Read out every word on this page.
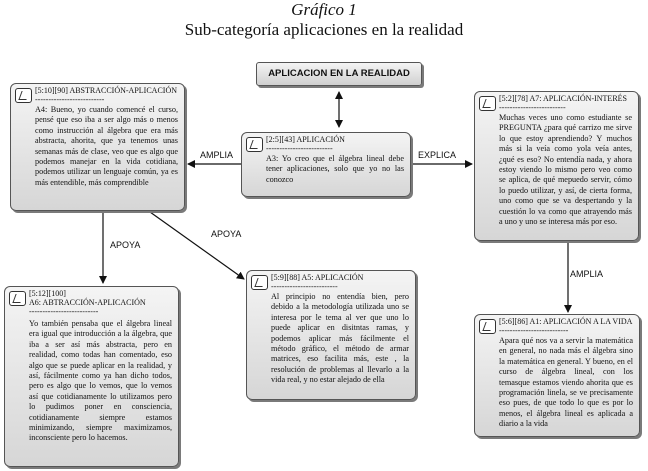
Gráfico 1
Sub-categoría aplicaciones en la realidad
APLICACION EN LA REALIDAD
[2:5][43] APLICACIÓN
-------------------------
A3: Yo creo que el álgebra lineal debe tener aplicaciones, solo que yo no las conozco
[5:10][90] ABSTRACCIÓN-APLICACIÓN
--------------------------
A4: Bueno, yo cuando comencé el curso, pensé que eso iba a ser algo más o menos como instrucción al álgebra que era más abstracta, ahorita, que ya tenemos unas semanas más de clase, veo que es algo que podemos manejar en la vida cotidiana, podemos utilizar un lenguaje común, ya es más entendible, más comprendible
[5:2][78] A7: APLICACIÓN-INTERÉS
-------------------------
Muchas veces uno como estudiante se PREGUNTA ¿para qué carrizo me sirve lo que estoy aprendiendo? Y muchos más si la veía como yola veía antes, ¿qué es eso? No entendía nada, y ahora estoy viendo lo mismo pero veo como se aplica, de qué mepuedo servir, cómo lo puedo utilizar, y así, de cierta forma, uno como que se va despertando y la cuestión lo va como que atrayendo más a uno y uno se interesa más por eso.
[5:12][100]
A6: ABTRACCIÓN-APLICACIÓN
--------------------------
Yo también pensaba que el álgebra lineal era igual que introducción a la álgebra, que iba a ser así más abstracta, pero en realidad, como todas han comentado, eso algo que se puede aplicar en la realidad, y así, fácilmente como ya han dicho todos, pero es algo que lo vemos, que lo vemos así que cotidianamente lo utilizamos pero lo pudimos poner en consciencia, cotidianamente siempre estamos minimizando, siempre maximizamos, inconsciente pero lo hacemos.
[5:9][88] A5: APLICACIÓN
-------------------------
Al principio no entendía bien, pero debido a la metodología utilizada uno se interesa por le tema al ver que uno lo puede aplicar en disitntas ramas, y podemos aplicar más fácilmente el método gráfico, el método de armar matrices, eso facilita más, este , la resolución de problemas al llevarlo a la vida real, y no estar alejado de ella
[5:6][86] A1: APLICACIÓN A LA VIDA
--------------------------
Apara qué nos va a servir la matemática en general, no nada más el álgebra sino la matemática en general. Y bueno, en el curso de álgebra lineal, con los temasque estamos viendo ahorita que es programación linela, se ve precisamente eso pues, de que todo lo que es por lo menos, el álgebra lineal es aplicada a diario a la vida
AMPLIA	EXPLICA
APOYA
APOYA
AMPLIA
